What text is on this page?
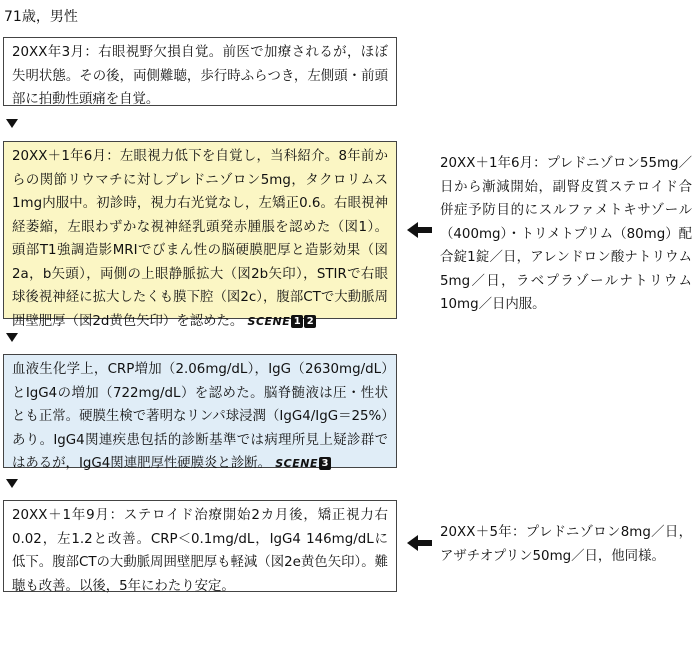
71歳，男性
20XX年3月：右眼視野欠損自覚。前医で加療されるが，ほぼ失明状態。その後，両側難聴，歩行時ふらつき，左側頭・前頭部に拍動性頭痛を自覚。
20XX＋1年6月：左眼視力低下を自覚し，当科紹介。8年前からの関節リウマチに対しプレドニゾロン5mg，タクロリムス1mg内服中。初診時，視力右光覚なし，左矯正0.6。右眼視神経萎縮，左眼わずかな視神経乳頭発赤腫脹を認めた（図1）。頭部T1強調造影MRIでびまん性の脳硬膜肥厚と造影効果（図2a，b矢頭），両側の上眼静脈拡大（図2b矢印），STIRで右眼球後視神経に拡大したくも膜下腔（図2c），腹部CTで大動脈周囲壁肥厚（図2d黄色矢印）を認めた。 SCENE 1 2
血液生化学上，CRP増加（2.06mg/dL），IgG（2630mg/dL）とIgG4の増加（722mg/dL）を認めた。脳脊髄液は圧・性状とも正常。硬膜生検で著明なリンパ球浸潤（IgG4/IgG＝25%）あり。IgG4関連疾患包括的診断基準では病理所見上疑診群ではあるが，IgG4関連肥厚性硬膜炎と診断。 SCENE 3
20XX＋1年9月：ステロイド治療開始2カ月後，矯正視力右0.02，左1.2と改善。CRP＜0.1mg/dL，IgG4 146mg/dLに低下。腹部CTの大動脈周囲壁肥厚も軽減（図2e黄色矢印）。難聴も改善。以後，5年にわたり安定。
20XX＋1年6月：プレドニゾロン55mg／日から漸減開始，副腎皮質ステロイド合併症予防目的にスルファメトキサゾール（400mg）・トリメトプリム（80mg）配合錠1錠／日，アレンドロン酸ナトリウム5mg／日，ラベプラゾールナトリウム10mg／日内服。
20XX＋5年：プレドニゾロン8mg／日，アザチオプリン50mg／日，他同様。
